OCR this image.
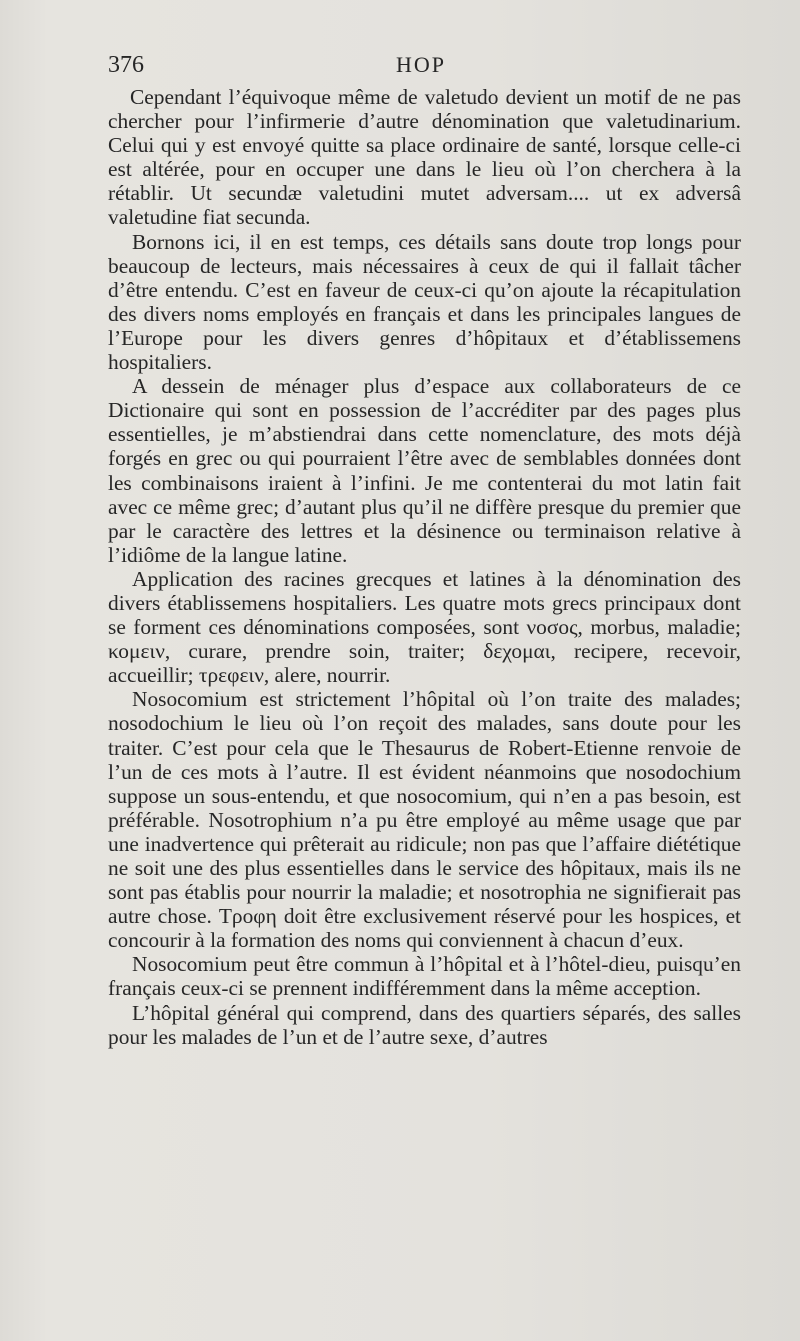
376	HOP

Cependant l’équivoque même de valetudo devient un motif de ne pas chercher pour l’infirmerie d’autre dénomination que valetudinarium. Celui qui y est envoyé quitte sa place ordinaire de santé, lorsque celle-ci est altérée, pour en occuper une dans le lieu où l’on cherchera à la rétablir. Ut secundæ valetudini mutet adversam.... ut ex adversâ valetudine fiat secunda.

Bornons ici, il en est temps, ces détails sans doute trop longs pour beaucoup de lecteurs, mais nécessaires à ceux de qui il fallait tâcher d’être entendu. C’est en faveur de ceux-ci qu’on ajoute la récapitulation des divers noms employés en français et dans les principales langues de l’Europe pour les divers genres d’hôpitaux et d’établissemens hospitaliers.

A dessein de ménager plus d’espace aux collaborateurs de ce Dictionaire qui sont en possession de l’accréditer par des pages plus essentielles, je m’abstiendrai dans cette nomenclature, des mots déjà forgés en grec ou qui pourraient l’être avec de semblables données dont les combinaisons iraient à l’infini. Je me contenterai du mot latin fait avec ce même grec; d’autant plus qu’il ne diffère presque du premier que par le caractère des lettres et la désinence ou terminaison relative à l’idiôme de la langue latine.

Application des racines grecques et latines à la dénomination des divers établissemens hospitaliers. Les quatre mots grecs principaux dont se forment ces dénominations composées, sont νοσος, morbus, maladie; κομειν, curare, prendre soin, traiter; δεχομαι, recipere, recevoir, accueillir; τρεφειν, alere, nourrir.

Nosocomium est strictement l’hôpital où l’on traite des malades; nosodochium le lieu où l’on reçoit des malades, sans doute pour les traiter. C’est pour cela que le Thesaurus de Robert-Etienne renvoie de l’un de ces mots à l’autre. Il est évident néanmoins que nosodochium suppose un sous-entendu, et que nosocomium, qui n’en a pas besoin, est préférable. Nosotrophium n’a pu être employé au même usage que par une inadvertence qui prêterait au ridicule; non pas que l’affaire diététique ne soit une des plus essentielles dans le service des hôpitaux, mais ils ne sont pas établis pour nourrir la maladie; et nosotrophia ne signifierait pas autre chose. Τροφη doit être exclusivement réservé pour les hospices, et concourir à la formation des noms qui conviennent à chacun d’eux.

Nosocomium peut être commun à l’hôpital et à l’hôtel-dieu, puisqu’en français ceux-ci se prennent indifféremment dans la même acception.

L’hôpital général qui comprend, dans des quartiers séparés, des salles pour les malades de l’un et de l’autre sexe, d’autres
